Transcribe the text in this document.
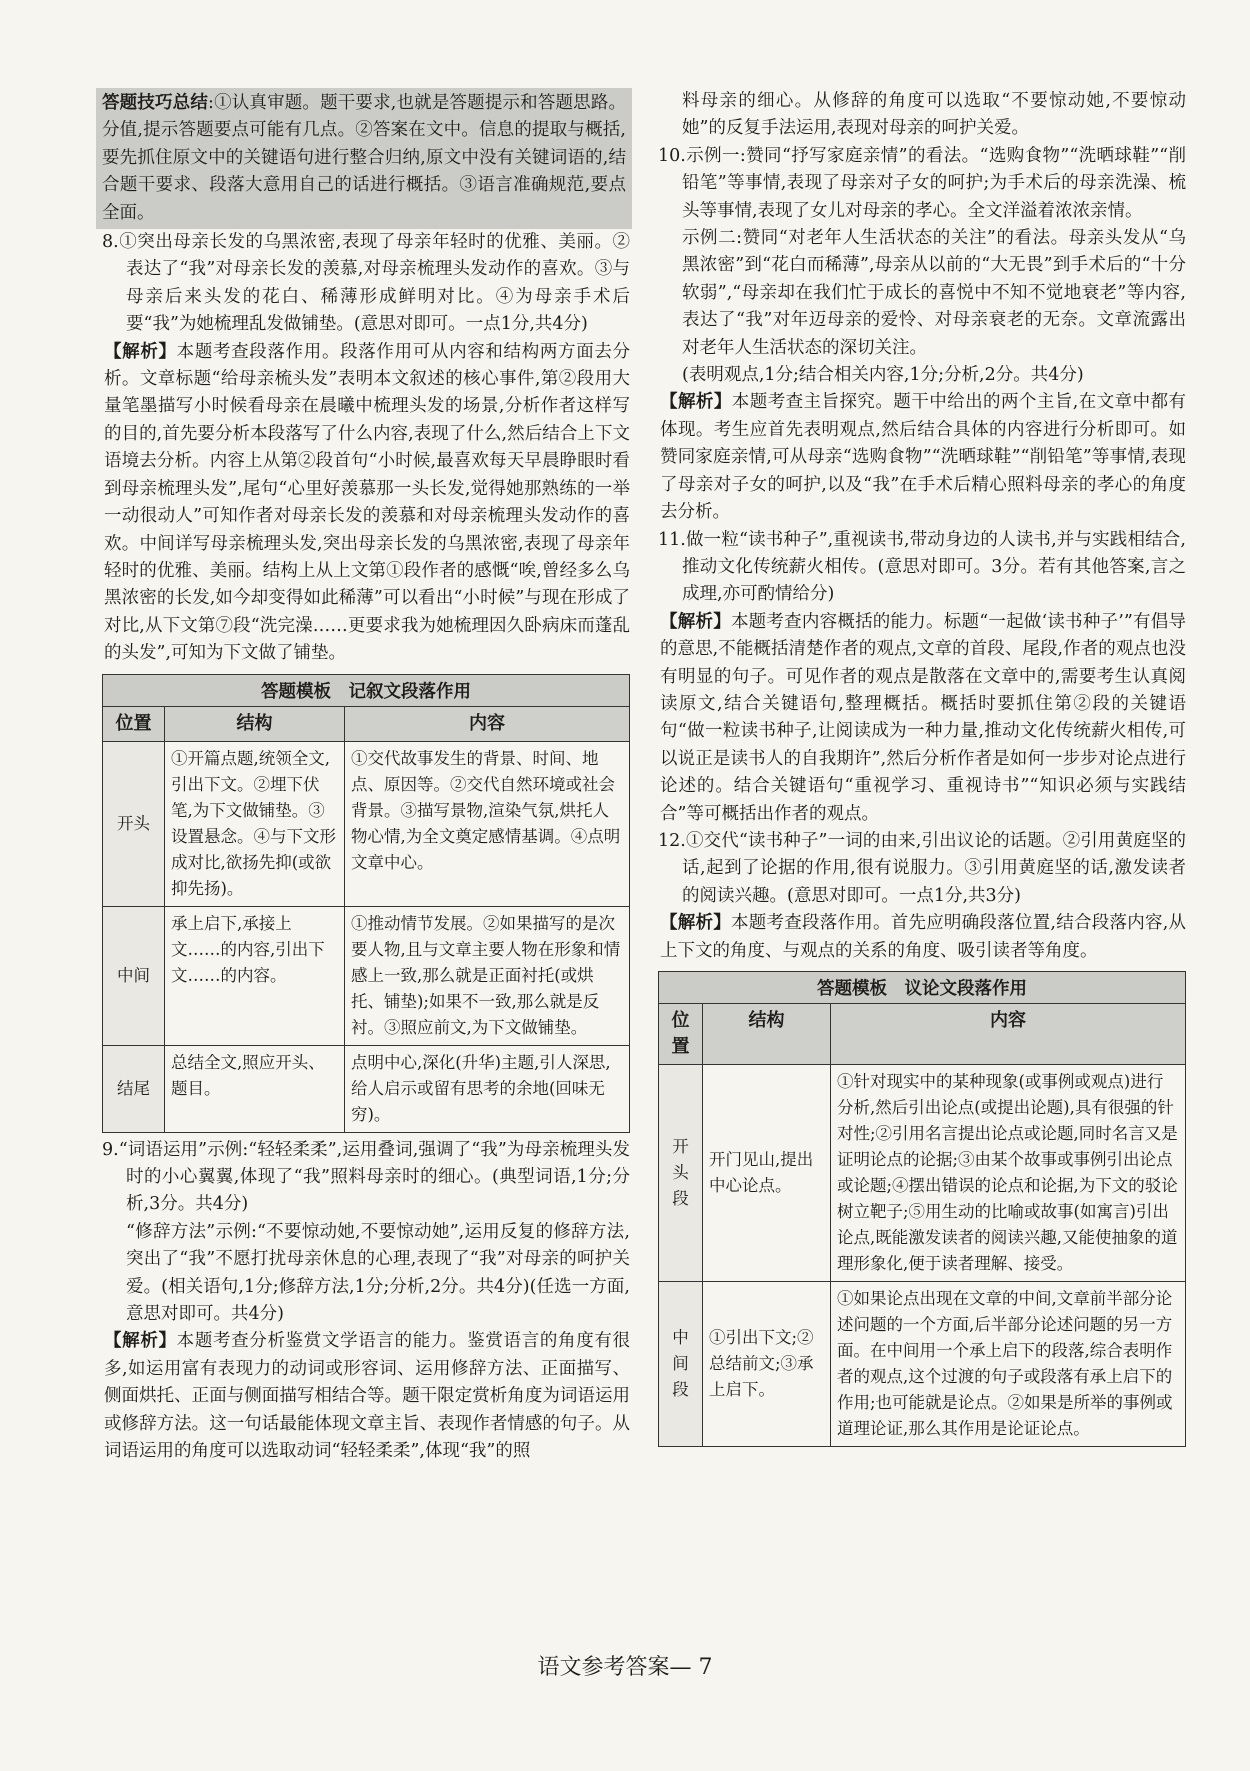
答题技巧总结:①认真审题。题干要求,也就是答题提示和答题思路。分值,提示答题要点可能有几点。②答案在文中。信息的提取与概括,要先抓住原文中的关键语句进行整合归纳,原文中没有关键词语的,结合题干要求、段落大意用自己的话进行概括。③语言准确规范,要点全面。

8.①突出母亲长发的乌黑浓密,表现了母亲年轻时的优雅、美丽。②表达了“我”对母亲长发的羡慕,对母亲梳理头发动作的喜欢。③与母亲后来头发的花白、稀薄形成鲜明对比。④为母亲手术后要“我”为她梳理乱发做铺垫。(意思对即可。一点1分,共4分)

【解析】本题考查段落作用。段落作用可从内容和结构两方面去分析。文章标题“给母亲梳头发”表明本文叙述的核心事件,第②段用大量笔墨描写小时候看母亲在晨曦中梳理头发的场景,分析作者这样写的目的,首先要分析本段落写了什么内容,表现了什么,然后结合上下文语境去分析。内容上从第②段首句“小时候,最喜欢每天早晨睁眼时看到母亲梳理头发”,尾句“心里好羡慕那一头长发,觉得她那熟练的一举一动很动人”可知作者对母亲长发的羡慕和对母亲梳理头发动作的喜欢。中间详写母亲梳理头发,突出母亲长发的乌黑浓密,表现了母亲年轻时的优雅、美丽。结构上从上文第①段作者的感慨“唉,曾经多么乌黑浓密的长发,如今却变得如此稀薄”可以看出“小时候”与现在形成了对比,从下文第⑦段“洗完澡……更要求我为她梳理因久卧病床而蓬乱的头发”,可知为下文做了铺垫。

答题模板　记叙文段落作用
位置	结构	内容
开头	①开篇点题,统领全文,引出下文。②埋下伏笔,为下文做铺垫。③设置悬念。④与下文形成对比,欲扬先抑(或欲抑先扬)。	①交代故事发生的背景、时间、地点、原因等。②交代自然环境或社会背景。③描写景物,渲染气氛,烘托人物心情,为全文奠定感情基调。④点明文章中心。
中间	承上启下,承接上文……的内容,引出下文……的内容。	①推动情节发展。②如果描写的是次要人物,且与文章主要人物在形象和情感上一致,那么就是正面衬托(或烘托、铺垫);如果不一致,那么就是反衬。③照应前文,为下文做铺垫。
结尾	总结全文,照应开头、题目。	点明中心,深化(升华)主题,引人深思,给人启示或留有思考的余地(回味无穷)。

9.“词语运用”示例:“轻轻柔柔”,运用叠词,强调了“我”为母亲梳理头发时的小心翼翼,体现了“我”照料母亲时的细心。(典型词语,1分;分析,3分。共4分)

“修辞方法”示例:“不要惊动她,不要惊动她”,运用反复的修辞方法,突出了“我”不愿打扰母亲休息的心理,表现了“我”对母亲的呵护关爱。(相关语句,1分;修辞方法,1分;分析,2分。共4分)(任选一方面,意思对即可。共4分)

【解析】本题考查分析鉴赏文学语言的能力。鉴赏语言的角度有很多,如运用富有表现力的动词或形容词、运用修辞方法、正面描写、侧面烘托、正面与侧面描写相结合等。题干限定赏析角度为词语运用或修辞方法。这一句话最能体现文章主旨、表现作者情感的句子。从词语运用的角度可以选取动词“轻轻柔柔”,体现“我”的照

料母亲的细心。从修辞的角度可以选取“不要惊动她,不要惊动她”的反复手法运用,表现对母亲的呵护关爱。

10.示例一:赞同“抒写家庭亲情”的看法。“选购食物”“洗晒球鞋”“削铅笔”等事情,表现了母亲对子女的呵护;为手术后的母亲洗澡、梳头等事情,表现了女儿对母亲的孝心。全文洋溢着浓浓亲情。

示例二:赞同“对老年人生活状态的关注”的看法。母亲头发从“乌黑浓密”到“花白而稀薄”,母亲从以前的“大无畏”到手术后的“十分软弱”,“母亲却在我们忙于成长的喜悦中不知不觉地衰老”等内容,表达了“我”对年迈母亲的爱怜、对母亲衰老的无奈。文章流露出对老年人生活状态的深切关注。

(表明观点,1分;结合相关内容,1分;分析,2分。共4分)

【解析】本题考查主旨探究。题干中给出的两个主旨,在文章中都有体现。考生应首先表明观点,然后结合具体的内容进行分析即可。如赞同家庭亲情,可从母亲“选购食物”“洗晒球鞋”“削铅笔”等事情,表现了母亲对子女的呵护,以及“我”在手术后精心照料母亲的孝心的角度去分析。

11.做一粒“读书种子”,重视读书,带动身边的人读书,并与实践相结合,推动文化传统薪火相传。(意思对即可。3分。若有其他答案,言之成理,亦可酌情给分)

【解析】本题考查内容概括的能力。标题“一起做‘读书种子’”有倡导的意思,不能概括清楚作者的观点,文章的首段、尾段,作者的观点也没有明显的句子。可见作者的观点是散落在文章中的,需要考生认真阅读原文,结合关键语句,整理概括。概括时要抓住第②段的关键语句“做一粒读书种子,让阅读成为一种力量,推动文化传统薪火相传,可以说正是读书人的自我期许”,然后分析作者是如何一步步对论点进行论述的。结合关键语句“重视学习、重视诗书”“知识必须与实践结合”等可概括出作者的观点。

12.①交代“读书种子”一词的由来,引出议论的话题。②引用黄庭坚的话,起到了论据的作用,很有说服力。③引用黄庭坚的话,激发读者的阅读兴趣。(意思对即可。一点1分,共3分)

【解析】本题考查段落作用。首先应明确段落位置,结合段落内容,从上下文的角度、与观点的关系的角度、吸引读者等角度。

答题模板　议论文段落作用
位置	结构	内容
开头段	开门见山,提出中心论点。	①针对现实中的某种现象(或事例或观点)进行分析,然后引出论点(或提出论题),具有很强的针对性;②引用名言提出论点或论题,同时名言又是证明论点的论据;③由某个故事或事例引出论点或论题;④摆出错误的论点和论据,为下文的驳论树立靶子;⑤用生动的比喻或故事(如寓言)引出论点,既能激发读者的阅读兴趣,又能使抽象的道理形象化,便于读者理解、接受。
中间段	①引出下文;②总结前文;③承上启下。	①如果论点出现在文章的中间,文章前半部分论述问题的一个方面,后半部分论述问题的另一方面。在中间用一个承上启下的段落,综合表明作者的观点,这个过渡的句子或段落有承上启下的作用;也可能就是论点。②如果是所举的事例或道理论证,那么其作用是论证论点。
语文参考答案— 7
